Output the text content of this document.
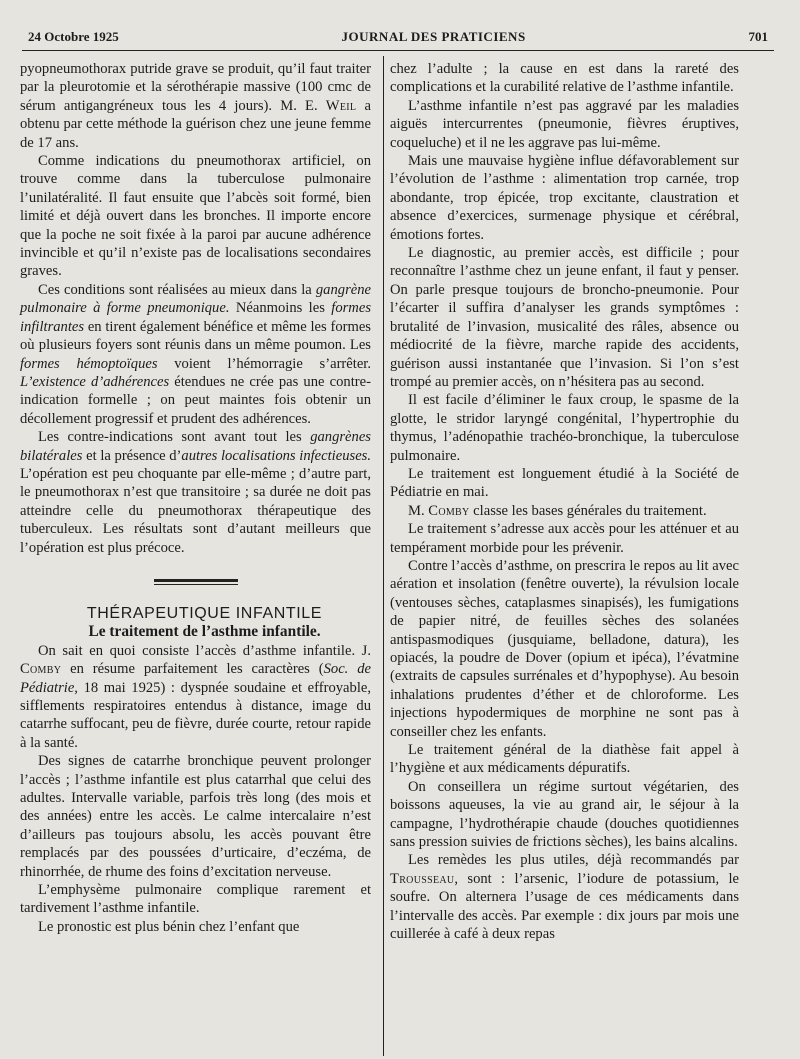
24 Octobre 1925	JOURNAL DES PRATICIENS	701

pyopneumothorax putride grave se produit, qu’il faut traiter par la pleurotomie et la sérothérapie massive (100 cmc de sérum antigangréneux tous les 4 jours). M. E. Weil a obtenu par cette méthode la guérison chez une jeune femme de 17 ans.

Comme indications du pneumothorax artificiel, on trouve comme dans la tuberculose pulmonaire l’unilatéralité. Il faut ensuite que l’abcès soit formé, bien limité et déjà ouvert dans les bronches. Il importe encore que la poche ne soit fixée à la paroi par aucune adhérence invincible et qu’il n’existe pas de localisations secondaires graves.

Ces conditions sont réalisées au mieux dans la gangrène pulmonaire à forme pneumonique. Néanmoins les formes infiltrantes en tirent également bénéfice et même les formes où plusieurs foyers sont réunis dans un même poumon. Les formes hémoptoïques voient l’hémorragie s’arrêter. L’existence d’adhérences étendues ne crée pas une contre-indication formelle ; on peut maintes fois obtenir un décollement progressif et prudent des adhérences.

Les contre-indications sont avant tout les gangrènes bilatérales et la présence d’autres localisations infectieuses. L’opération est peu choquante par elle-même ; d’autre part, le pneumothorax n’est que transitoire ; sa durée ne doit pas atteindre celle du pneumothorax thérapeutique des tuberculeux. Les résultats sont d’autant meilleurs que l’opération est plus précoce.

THÉRAPEUTIQUE INFANTILE

Le traitement de l’asthme infantile.

On sait en quoi consiste l’accès d’asthme infantile. J. Comby en résume parfaitement les caractères (Soc. de Pédiatrie, 18 mai 1925) : dyspnée soudaine et effroyable, sifflements respiratoires entendus à distance, image du catarrhe suffocant, peu de fièvre, durée courte, retour rapide à la santé.

Des signes de catarrhe bronchique peuvent prolonger l’accès ; l’asthme infantile est plus catarrhal que celui des adultes. Intervalle variable, parfois très long (des mois et des années) entre les accès. Le calme intercalaire n’est d’ailleurs pas toujours absolu, les accès pouvant être remplacés par des poussées d’urticaire, d’eczéma, de rhinorrhée, de rhume des foins d’excitation nerveuse.

L’emphysème pulmonaire complique rarement et tardivement l’asthme infantile.

Le pronostic est plus bénin chez l’enfant que

chez l’adulte ; la cause en est dans la rareté des complications et la curabilité relative de l’asthme infantile.

L’asthme infantile n’est pas aggravé par les maladies aiguës intercurrentes (pneumonie, fièvres éruptives, coqueluche) et il ne les aggrave pas lui-même.

Mais une mauvaise hygiène influe défavorablement sur l’évolution de l’asthme : alimentation trop carnée, trop abondante, trop épicée, trop excitante, claustration et absence d’exercices, surmenage physique et cérébral, émotions fortes.

Le diagnostic, au premier accès, est difficile ; pour reconnaître l’asthme chez un jeune enfant, il faut y penser. On parle presque toujours de broncho-pneumonie. Pour l’écarter il suffira d’analyser les grands symptômes : brutalité de l’invasion, musicalité des râles, absence ou médiocrité de la fièvre, marche rapide des accidents, guérison aussi instantanée que l’invasion. Si l’on s’est trompé au premier accès, on n’hésitera pas au second.

Il est facile d’éliminer le faux croup, le spasme de la glotte, le stridor laryngé congénital, l’hypertrophie du thymus, l’adénopathie trachéo-bronchique, la tuberculose pulmonaire.

Le traitement est longuement étudié à la Société de Pédiatrie en mai.

M. Comby classe les bases générales du traitement.

Le traitement s’adresse aux accès pour les atténuer et au tempérament morbide pour les prévenir.

Contre l’accès d’asthme, on prescrira le repos au lit avec aération et insolation (fenêtre ouverte), la révulsion locale (ventouses sèches, cataplasmes sinapisés), les fumigations de papier nitré, de feuilles sèches des solanées antispasmodiques (jusquiame, belladone, datura), les opiacés, la poudre de Dover (opium et ipéca), l’évatmine (extraits de capsules surrénales et d’hypophyse). Au besoin inhalations prudentes d’éther et de chloroforme. Les injections hypodermiques de morphine ne sont pas à conseiller chez les enfants.

Le traitement général de la diathèse fait appel à l’hygiène et aux médicaments dépuratifs.

On conseillera un régime surtout végétarien, des boissons aqueuses, la vie au grand air, le séjour à la campagne, l’hydrothérapie chaude (douches quotidiennes sans pression suivies de frictions sèches), les bains alcalins.

Les remèdes les plus utiles, déjà recommandés par Trousseau, sont : l’arsenic, l’iodure de potassium, le soufre. On alternera l’usage de ces médicaments dans l’intervalle des accès. Par exemple : dix jours par mois une cuillerée à café à deux repas
